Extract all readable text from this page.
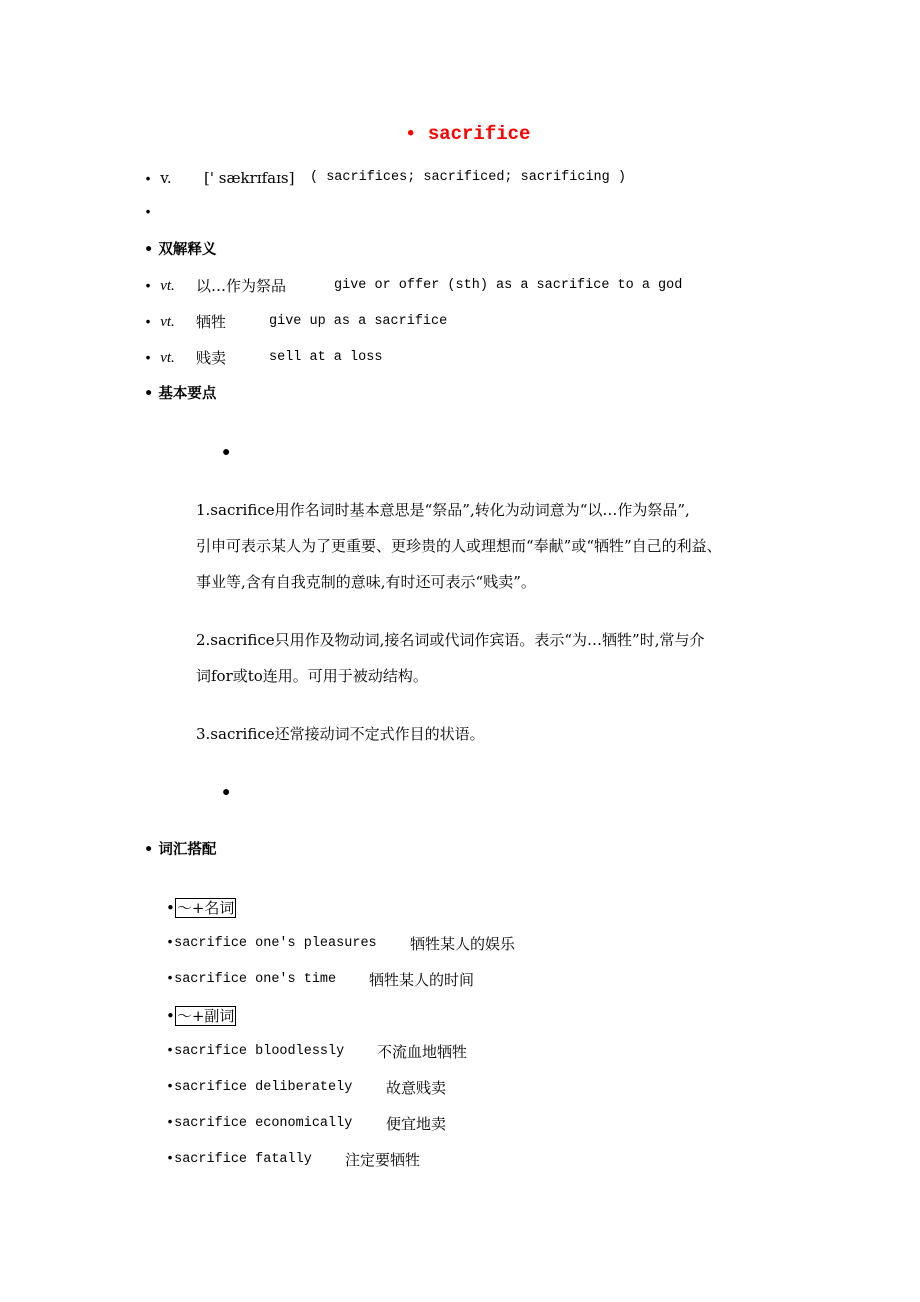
• sacrifice
• v. [' sækrɪfaɪs] ( sacrifices; sacrificed; sacrificing )
•
• 双解释义
• vt. 以…作为祭品	give or offer (sth) as a sacrifice to a god
• vt. 牺牲	give up as a sacrifice
• vt. 贱卖	sell at a loss
• 基本要点
●
1.sacrifice用作名词时基本意思是“祭品”,转化为动词意为“以…作为祭品”,
引申可表示某人为了更重要、更珍贵的人或理想而“奉献”或“牺牲”自己的利益、
事业等,含有自我克制的意味,有时还可表示“贱卖”。
2.sacrifice只用作及物动词,接名词或代词作宾语。表示“为…牺牲”时,常与介
词for或to连用。可用于被动结构。
3.sacrifice还常接动词不定式作目的状语。
●
• 词汇搭配
• ～+名词
•sacrifice one's pleasures 牺牲某人的娱乐
•sacrifice one's time 牺牲某人的时间
• ～+副词
•sacrifice bloodlessly 不流血地牺牲
•sacrifice deliberately 故意贱卖
•sacrifice economically 便宜地卖
•sacrifice fatally 注定要牺牲
